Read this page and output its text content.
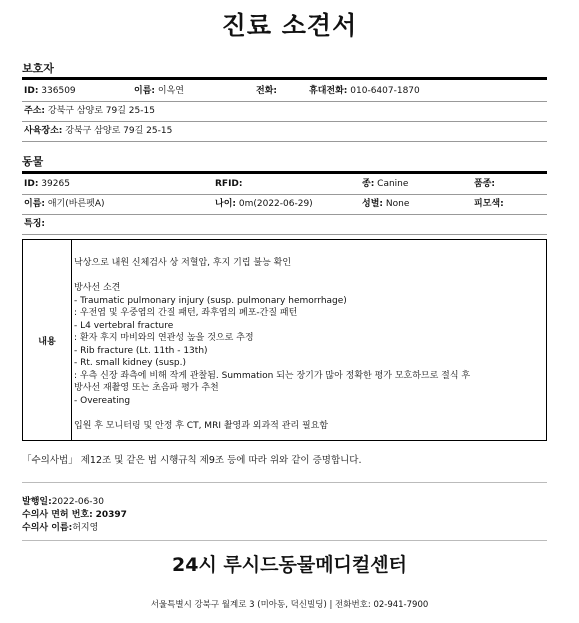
진료 소견서
보호자
ID: 336509	이름: 이옥연	전화:	휴대전화: 010-6407-1870
주소: 강북구 삼양로 79길 25-15
사육장소: 강북구 삼양로 79길 25-15
동물
ID: 39265	RFID:	종: Canine	품종:
이름: 애기(바른펫A)	나이: 0m(2022-06-29)	성별: None	피모색:
특징:
내용
낙상으로 내원 신체검사 상 저혈압, 후지 기립 불능 확인
방사선 소견
- Traumatic pulmonary injury (susp. pulmonary hemorrhage)
: 우전엽 및 우중엽의 간질 패턴, 좌후엽의 폐포-간질 패턴
- L4 vertebral fracture
: 환자 후지 마비와의 연관성 높을 것으로 추정
- Rib fracture (Lt. 11th - 13th)
- Rt. small kidney (susp.)
: 우측 신장 좌측에 비해 작게 관찰됨. Summation 되는 장기가 많아 정확한 평가 모호하므로 절식 후
방사선 재촬영 또는 초음파 평가 추천
- Overeating
입원 후 모니터링 및 안정 후 CT, MRI 촬영과 외과적 관리 필요함
「수의사법」 제12조 및 같은 법 시행규칙 제9조 등에 따라 위와 같이 증명합니다.
발행일:2022-06-30
수의사 면허 번호: 20397
수의사 이름:허지영
24시 루시드동물메디컬센터
서울특별시 강북구 월계로 3 (미아동, 덕신빌딩) | 전화번호: 02-941-7900
